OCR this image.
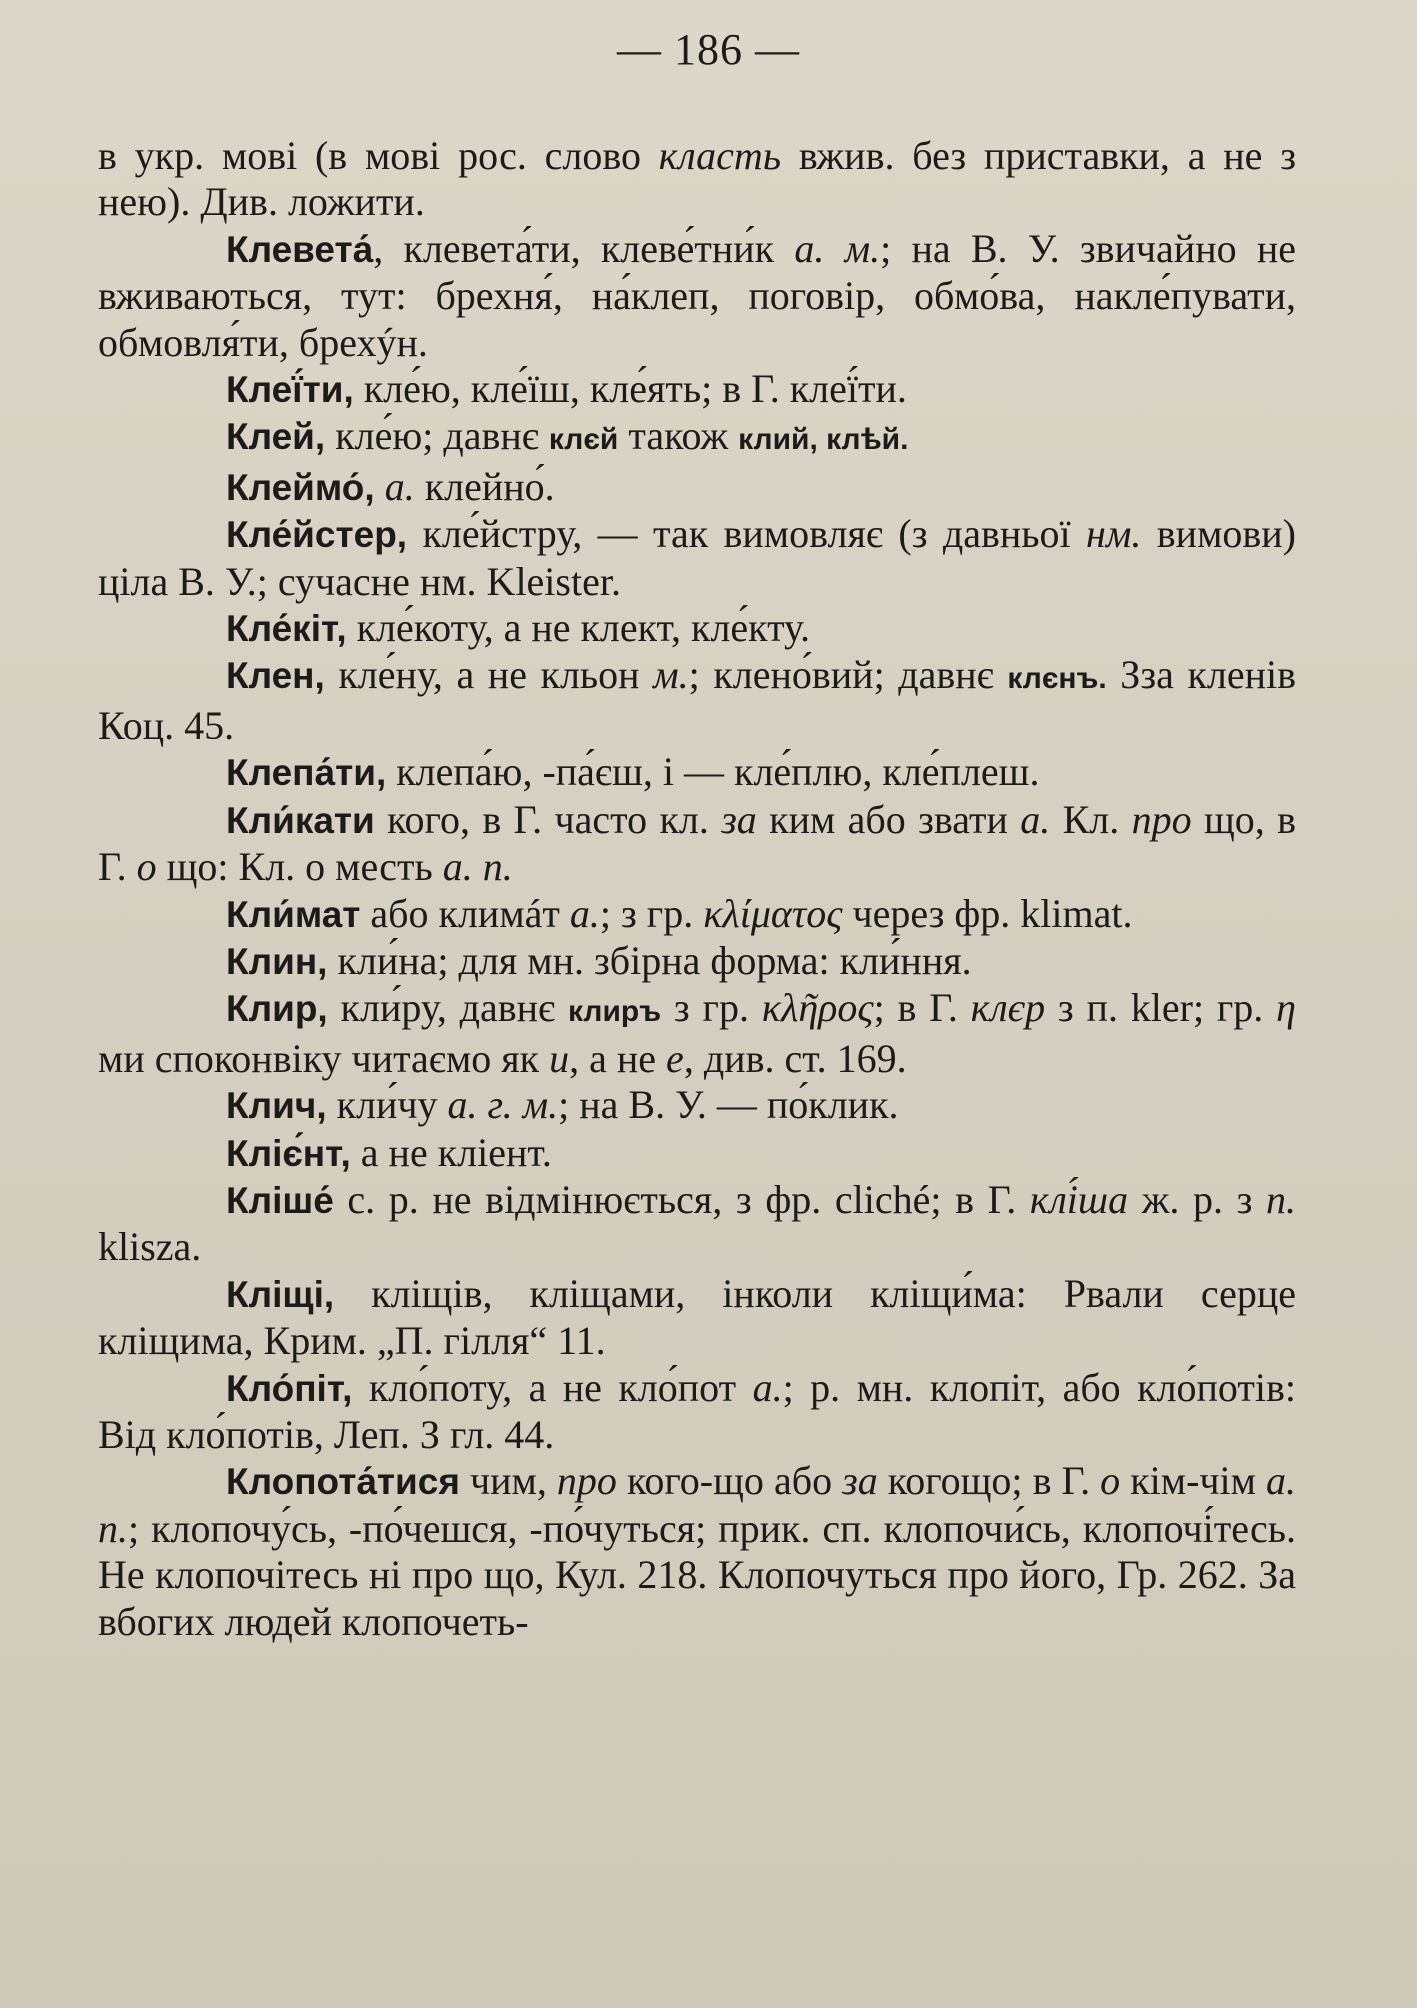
— 186 —

в укр. мові (в мові рос. слово класть вжив. без приставки, а не з нею). Див. ложити.

Клевета́, клевета́ти, клеве́тни́к а. м.; на В. У. звичайно не вживаються, тут: брехня́, на́клеп, поговір, обмо́ва, накле́пувати, обмовля́ти, брехýн.

Клеї́ти, кле́ю, кле́їш, кле́ять; в Г. клеї́ти.

Клей, кле́ю; давнє клєй також клий, клѣй.

Клеймо́, а. клейно́.

Кле́йстер, кле́йстру, — так вимовляє (з давньої нм. вимови) ціла В. У.; сучасне нм. Kleister.

Кле́кіт, кле́коту, а не клект, кле́кту.

Клен, кле́ну, а не кльон м.; клено́вий; давнє клєнъ. Зза кленів Коц. 45.

Клепа́ти, клепа́ю, -па́єш, і — кле́плю, кле́плеш.

Кли́кати кого, в Г. часто кл. за ким або звати а. Кл. про що, в Г. о що: Кл. о месть а. п.

Кли́мат або климáт а.; з гр. κλίματος через фр. klimat.

Клин, кли́на; для мн. збірна форма: кли́ння.

Клир, кли́ру, давнє клиръ з гр. κλῆρος; в Г. клєр з п. kler; гр. η ми споконвіку читаємо як и, а не е, див. ст. 169.

Клич, кли́чу а. г. м.; на В. У. — по́клик.

Кліє́нт, а не кліент.

Кліше́ с. р. не відмінюється, з фр. cliché; в Г. клі́ша ж. р. з п. klisza.

Кліщі, кліщів, кліщами, інколи кліщи́ма: Рвали серце кліщима, Крим. „П. гілля“ 11.

Кло́піт, кло́поту, а не кло́пот а.; р. мн. клопіт, або кло́потів: Від кло́потів, Леп. З гл. 44.

Клопота́тися чим, про кого-що або за когощо; в Г. о кім-чім а. п.; клопочу́сь, -по́чешся, -по́чуться; прик. сп. клопочи́сь, клопочі́тесь. Не клопочітесь ні про що, Кул. 218. Клопочуться про його, Гр. 262. За вбогих людей клопочеть-
